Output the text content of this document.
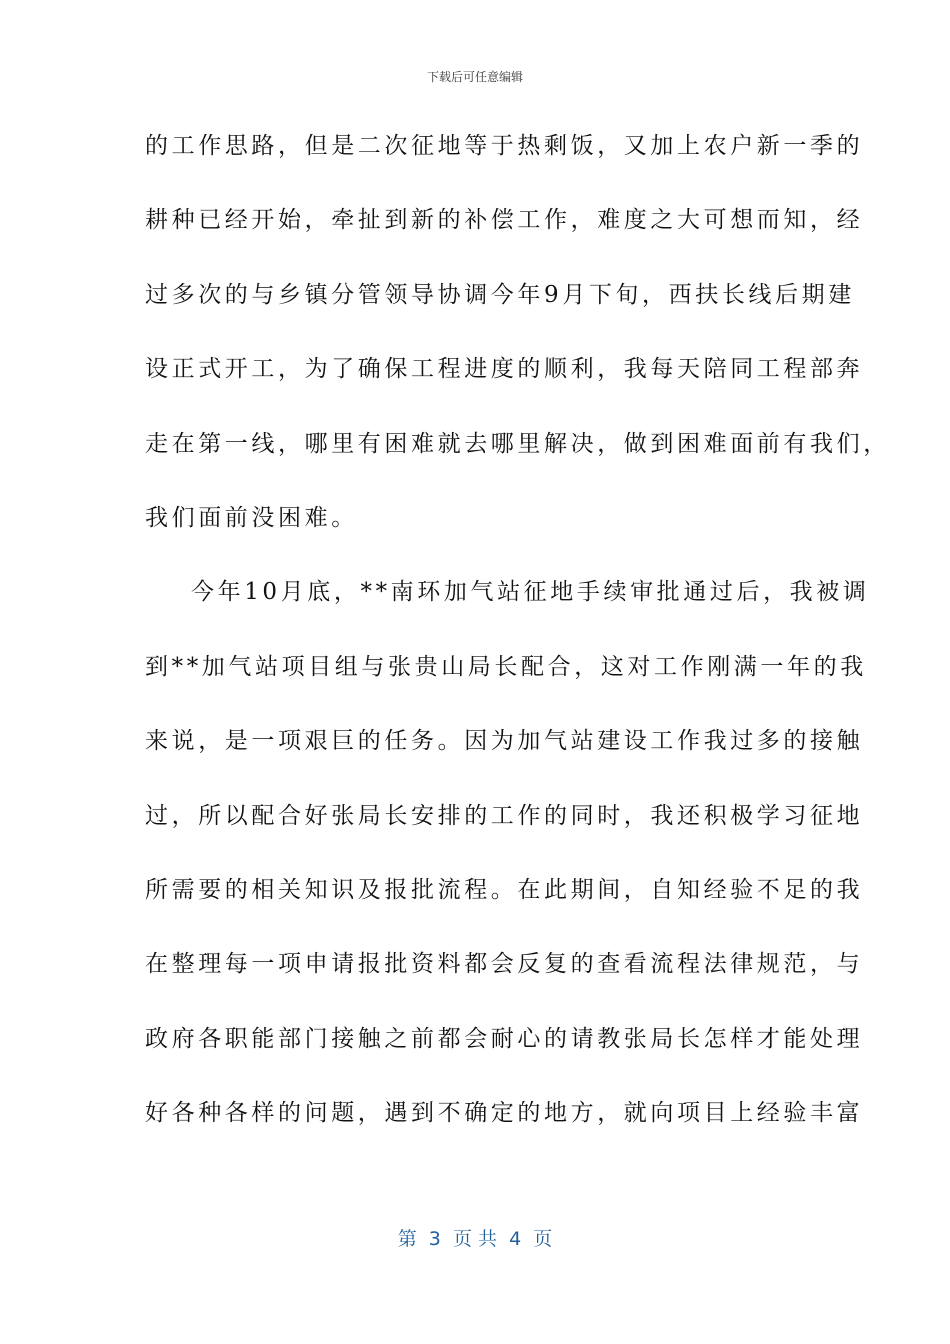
下载后可任意编辑
的工作思路，但是二次征地等于热剩饭，又加上农户新一季的
耕种已经开始，牵扯到新的补偿工作，难度之大可想而知，经
过多次的与乡镇分管领导协调今年9月下旬，西扶长线后期建
设正式开工，为了确保工程进度的顺利，我每天陪同工程部奔
走在第一线，哪里有困难就去哪里解决，做到困难面前有我们，
我们面前没困难。
今年10月底，**南环加气站征地手续审批通过后，我被调
到**加气站项目组与张贵山局长配合，这对工作刚满一年的我
来说，是一项艰巨的任务。因为加气站建设工作我过多的接触
过，所以配合好张局长安排的工作的同时，我还积极学习征地
所需要的相关知识及报批流程。在此期间，自知经验不足的我
在整理每一项申请报批资料都会反复的查看流程法律规范，与
政府各职能部门接触之前都会耐心的请教张局长怎样才能处理
好各种各样的问题，遇到不确定的地方，就向项目上经验丰富
第  3  页 共  4  页
